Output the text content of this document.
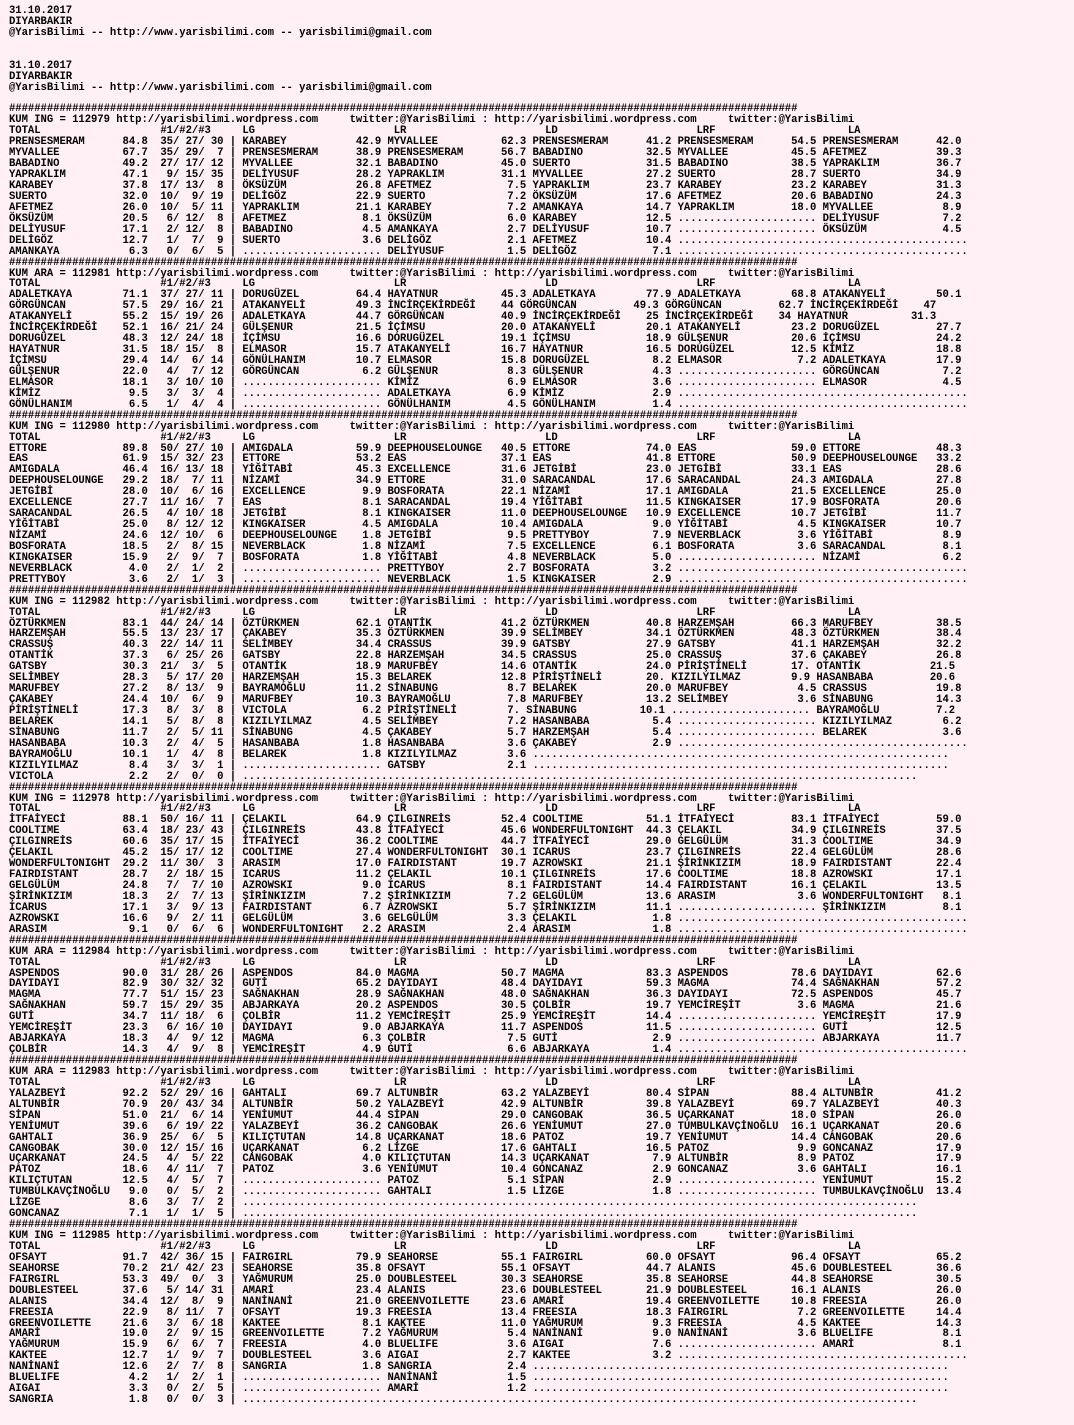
31.10.2017
DIYARBAKIR
@YarisBilimi -- http://www.yarisbilimi.com -- yarisbilimi@gmail.com
31.10.2017
DIYARBAKIR
@YarisBilimi -- http://www.yarisbilimi.com -- yarisbilimi@gmail.com
#############################################################################################################################
KUM ING = 112979 http://yarisbilimi.wordpress.com     twitter:@YarisBilimi : http://yarisbilimi.wordpress.com     twitter:@YarisBilimi
TOTAL                   #1/#2/#3     LG                      LR                      LD                      LRF                     LA
PRENSESMERAM      84.8  35/ 27/ 30 | KARABEY           42.9 MYVALLEE          62.3 PRENSESMERAM      41.2 PRENSESMERAM      54.5 PRENSESMERAM      42.0
MYVALLEE          67.7  35/ 29/  7 | PRENSESMERAM      38.9 PRENSESMERAM      56.7 BABADINO          32.5 MYVALLEE          45.5 AFETMEZ           39.3
BABADINO          49.2  27/ 17/ 12 | MYVALLEE          32.1 BABADINO          45.0 SUERTO            31.5 BABADINO          38.5 YAPRAKLIM         36.7
YAPRAKLIM         47.1   9/ 15/ 35 | DELİYUSUF         28.2 YAPRAKLIM         31.1 MYVALLEE          27.2 SUERTO            28.7 SUERTO            34.9
KARABEY           37.8  17/ 13/  8 | ÖKSÜZÜM           26.8 AFETMEZ            7.5 YAPRAKLIM         23.7 KARABEY           23.2 KARABEY           31.3
SUERTO            32.0  10/  9/ 19 | DELİGÖZ           22.9 SUERTO             7.2 ÖKSÜZÜM           17.6 AFETMEZ           20.6 BABADINO          24.3
AFETMEZ           26.0  10/  5/ 11 | YAPRAKLIM         21.1 KARABEY            7.2 AMANKAYA          14.7 YAPRAKLIM         18.0 MYVALLEE           8.9
ÖKSÜZÜM           20.5   6/ 12/  8 | AFETMEZ            8.1 ÖKSÜZÜM            6.0 KARABEY           12.5 ...................... DELİYUSUF          7.2
DELİYUSUF         17.1   2/ 12/  8 | BABADINO           4.5 AMANKAYA           2.7 DELİYUSUF         10.7 ...................... ÖKSÜZÜM            4.5
DELİGÖZ           12.7   1/  7/  9 | SUERTO             3.6 DELİGÖZ            2.1 AFETMEZ           10.4 ..............................................
AMANKAYA           6.3   0/  6/  5 | ...................... DELİYUSUF          1.5 DELİGÖZ            7.1 ..............................................
#############################################################################################################################
KUM ARA = 112981 http://yarisbilimi.wordpress.com     twitter:@YarisBilimi : http://yarisbilimi.wordpress.com     twitter:@YarisBilimi
TOTAL                   #1/#2/#3     LG                      LR                      LD                      LRF                     LA
ADALETKAYA        71.1  37/ 27/ 11 | DORUGÜZEL         64.4 HAYATNUR          45.3 ADALETKAYA        77.9 ADALETKAYA        68.8 ATAKANYELİ        50.1
GÖRGÜNCAN         57.5  29/ 16/ 21 | ATAKANYELİ        49.3 İNCİRÇEKİRDEĞİ    44 GÖRGÜNCAN         49.3 GÖRGÜNCAN         62.7 İNCİRÇEKİRDEĞİ    47
ATAKANYELİ        55.2  15/ 19/ 26 | ADALETKAYA        44.7 GÖRGÜNCAN         40.9 İNCİRÇEKİRDEĞİ    25 İNCİRÇEKİRDEĞİ    34 HAYATNUR          31.3
İNCİRÇEKİRDEĞİ    52.1  16/ 21/ 24 | GÜLŞENUR          21.5 İÇİMSU            20.0 ATAKANYELİ        20.1 ATAKANYELİ        23.2 DORUGÜZEL         27.7
DORUGÜZEL         48.3  12/ 24/ 18 | İÇİMSU            16.6 DORUGÜZEL         19.1 İÇİMSU            18.9 GÜLŞENUR          20.6 İÇİMSU            24.2
HAYATNUR          31.5  18/ 15/  8 | ELMASOR           15.7 ATAKANYELİ        16.7 HAYATNUR          16.5 DORUGÜZEL         12.5 KİMİZ             18.8
İÇİMSU            29.4  14/  6/ 14 | GÖNÜLHANIM        10.7 ELMASOR           15.8 DORUGÜZEL          8.2 ELMASOR            7.2 ADALETKAYA        17.9
GÜLŞENUR          22.0   4/  7/ 12 | GÖRGÜNCAN          6.2 GÜLŞENUR           8.3 GÜLŞENUR           4.3 ...................... GÖRGÜNCAN          7.2
ELMASOR           18.1   3/ 10/ 10 | ...................... KİMİZ              6.9 ELMASOR            3.6 ...................... ELMASOR            4.5
KİMİZ              9.5   3/  3/  4 | ...................... ADALETKAYA         6.9 KİMİZ              2.9 ..............................................
GÖNÜLHANIM         6.5   1/  4/  4 | ...................... GÖNÜLHANIM         4.5 GÖNÜLHANIM         1.4 ..............................................
#############################################################################################################################
KUM ING = 112980 http://yarisbilimi.wordpress.com     twitter:@YarisBilimi : http://yarisbilimi.wordpress.com     twitter:@YarisBilimi
TOTAL                   #1/#2/#3     LG                      LR                      LD                      LRF                     LA
ETTORE            89.8  50/ 27/ 10 | AMIGDALA          59.9 DEEPHOUSELOUNGE   40.5 ETTORE            74.0 EAS               59.0 ETTORE            48.3
EAS               61.9  15/ 32/ 23 | ETTORE            53.2 EAS               37.1 EAS               41.8 ETTORE            50.9 DEEPHOUSELOUNGE   33.2
AMIGDALA          46.4  16/ 13/ 18 | YİĞİTABİ          45.3 EXCELLENCE        31.6 JETGİBİ           23.0 JETGİBİ           33.1 EAS               28.6
DEEPHOUSELOUNGE   29.2  18/  7/ 11 | NİZAMİ            34.9 ETTORE            31.0 SARACANDAL        17.6 SARACANDAL        24.3 AMIGDALA          27.8
JETGİBİ           28.0  10/  6/ 16 | EXCELLENCE         9.9 BOSFORATA         22.1 NİZAMİ            17.1 AMIGDALA          21.5 EXCELLENCE        25.0
EXCELLENCE        27.7  11/ 16/  7 | EAS                8.1 SARACANDAL        19.4 YİĞİTABİ          11.5 KINGKAISER        17.9 BOSFORATA         20.6
SARACANDAL        26.5   4/ 10/ 18 | JETGİBİ            8.1 KINGKAISER        11.0 DEEPHOUSELOUNGE   10.9 EXCELLENCE        10.7 JETGİBİ           11.7
YİĞİTABİ          25.0   8/ 12/ 12 | KINGKAISER         4.5 AMIGDALA          10.4 AMIGDALA           9.0 YİĞİTABİ           4.5 KINGKAISER        10.7
NİZAMİ            24.6  12/ 10/  6 | DEEPHOUSELOUNGE    1.8 JETGİBİ            9.5 PRETTYBOY          7.9 NEVERBLACK         3.6 YİĞİTABİ           8.9
BOSFORATA         18.5   2/  8/ 15 | NEVERBLACK         1.8 NİZAMİ             7.5 EXCELLENCE         6.1 BOSFORATA          3.6 SARACANDAL         8.1
KINGKAISER        15.9   2/  9/  7 | BOSFORATA          1.8 YİĞİTABİ           4.8 NEVERBLACK         5.0 ...................... NİZAMİ             6.2
NEVERBLACK         4.0   2/  1/  2 | ...................... PRETTYBOY          2.7 BOSFORATA          3.2 ..............................................
PRETTYBOY          3.6   2/  1/  3 | ...................... NEVERBLACK         1.5 KINGKAISER         2.9 ..............................................
#############################################################################################################################
KUM ING = 112982 http://yarisbilimi.wordpress.com     twitter:@YarisBilimi : http://yarisbilimi.wordpress.com     twitter:@YarisBilimi
TOTAL                   #1/#2/#3     LG                      LR                      LD                      LRF                     LA
ÖZTÜRKMEN         83.1  44/ 24/ 14 | ÖZTÜRKMEN         62.1 OTANTİK           41.2 ÖZTÜRKMEN         40.8 HARZEMŞAH         66.3 MARUFBEY          38.5
HARZEMŞAH         55.5  13/ 23/ 17 | ÇAKABEY           35.3 ÖZTÜRKMEN         39.9 SELİMBEY          34.1 ÖZTÜRKMEN         48.3 ÖZTÜRKMEN         38.4
CRASSUŞ           40.3  22/ 14/ 11 | SELİMBEY          34.4 CRASSUS           39.9 GATSBY            27.9 GATSBY            41.1 HARZEMŞAH         32.2
OTANTİK           37.3   6/ 25/ 26 | GATSBY            22.8 HARZEMŞAH         34.5 CRASSUS           25.0 CRASSUŞ           37.6 ÇAKABEY           26.8
GATSBY            30.3  21/  3/  5 | OTANTİK           18.9 MARUFBEY          14.6 OTANTİK           24.0 PİRİŞTİNELİ       17. OTANTİK           21.5
SELİMBEY          28.3   5/ 17/ 20 | HARZEMŞAH         15.3 BELAREK           12.8 PİRİŞTİNELİ       20. KIZILYILMAZ        9.9 HASANBABA         20.6
MARUFBEY          27.2   8/ 13/  9 | BAYRAMOĞLU        11.2 SİNABUNG           8.7 BELAREK           20.0 MARUFBEY           4.5 CRASSUS           19.8
ÇAKABEY           24.4  10/  6/  9 | MARUFBEY          10.3 BAYRAMOĞLU         7.8 MARUFBEY          13.2 SELİMBEY           3.6 SİNABUNG          14.3
PİRİŞTİNELİ       17.3   8/  3/  8 | VICTOLA            6.2 PİRİŞTİNELİ        7. SİNABUNG          10.1 ...................... BAYRAMOĞLU         7.2
BELAREK           14.1   5/  8/  8 | KIZILYILMAZ        4.5 SELİMBEY           7.2 HASANBABA          5.4 ...................... KIZILYILMAZ        6.2
SİNABUNG          11.7   2/  5/ 11 | SİNABUNG           4.5 ÇAKABEY            5.7 HARZEMŞAH          5.4 ...................... BELAREK            3.6
HASANBABA         10.3   2/  4/  5 | HASANBABA          1.8 HASANBABA          3.6 ÇAKABEY            2.9 ..............................................
BAYRAMOĞLU        10.1   1/  4/  8 | BELAREK            1.8 KIZILYILMAZ        3.6 ..................................................................
KIZILYILMAZ        8.4   3/  3/  1 | ...................... GATSBY             2.1 ..................................................................
VICTOLA            2.2   2/  0/  0 | ...........................................................................................................
#############################################################################################################################
KUM ING = 112978 http://yarisbilimi.wordpress.com     twitter:@YarisBilimi : http://yarisbilimi.wordpress.com     twitter:@YarisBilimi
TOTAL                   #1/#2/#3     LG                      LR                      LD                      LRF                     LA
İTFAİYECİ         88.1  50/ 16/ 11 | ÇELAKIL           64.9 ÇILGINREİS        52.4 COOLTIME          51.1 İTFAİYECİ         83.1 İTFAİYECİ         59.0
COOLTIME          63.4  18/ 23/ 43 | ÇILGINREİS        43.8 İTFAİYECİ         45.6 WONDERFULTONIGHT  44.3 ÇELAKIL           34.9 ÇILGINREİS        37.5
ÇILGINREİS        60.6  35/ 17/ 15 | İTFAİYECİ         36.2 COOLTIME          44.7 İTFAİYECİ         29.0 GELGÜLÜM          31.3 COOLTIME          34.9
ÇELAKIL           45.2  15/ 17/ 12 | COOLTIME          27.4 WONDERFULTONIGHT  30.1 ICARUS            23.7 ÇILGINREİS        22.4 GELGÜLÜM          28.6
WONDERFULTONIGHT  29.2  11/ 30/  3 | ARASIM            17.0 FAIRDISTANT       19.7 AZROWSKI          21.1 ŞİRİNKIZIM        18.9 FAIRDISTANT       22.4
FAIRDISTANT       28.7   2/ 18/ 15 | ICARUS            11.2 ÇELAKIL           10.1 ÇILGINREİS        17.6 COOLTIME          18.8 AZROWSKI          17.1
GELGÜLÜM          24.8   7/  7/ 10 | AZROWSKI           9.0 ICARUS             8.1 FAIRDISTANT       14.4 FAIRDISTANT       16.1 ÇELAKIL           13.5
ŞİRİNKIZIM        18.3   2/  7/ 13 | ŞİRİNKIZIM         7.2 ŞİRİNKIZIM         7.2 GELGÜLÜM          13.6 ARASIM             3.6 WONDERFULTONIGHT   8.1
ICARUS            17.1   3/  9/ 13 | FAIRDISTANT        6.7 AZROWSKI           5.7 ŞİRİNKIZIM        11.1 ...................... ŞİRİNKIZIM         8.1
AZROWSKI          16.6   9/  2/ 11 | GELGÜLÜM           3.6 GELGÜLÜM           3.3 ÇELAKIL            1.8 ..............................................
ARASIM             9.1   0/  6/  6 | WONDERFULTONIGHT   2.2 ARASIM             2.4 ARASIM             1.8 ..............................................
#############################################################################################################################
KUM ARA = 112984 http://yarisbilimi.wordpress.com     twitter:@YarisBilimi : http://yarisbilimi.wordpress.com     twitter:@YarisBilimi
TOTAL                   #1/#2/#3     LG                      LR                      LD                      LRF                     LA
ASPENDOS          90.0  31/ 28/ 26 | ASPENDOS          84.0 MAGMA             50.7 MAGMA             83.3 ASPENDOS          78.6 DAYIDAYI          62.6
DAYIDAYI          82.9  30/ 32/ 32 | GUTİ              65.2 DAYIDAYI          48.4 DAYIDAYI          59.3 MAGMA             74.4 SAĞNAKHAN         57.2
MAGMA             77.7  51/ 15/ 23 | SAĞNAKHAN         28.9 SAĞNAKHAN         48.0 SAĞNAKHAN         36.3 DAYIDAYI          72.5 ASPENDOS          45.7
SAĞNAKHAN         59.7  15/ 29/ 35 | ABJARKAYA         20.2 ASPENDOS          30.5 ÇOLBİR            19.7 YEMCİREŞİT         3.6 MAGMA             21.6
GUTİ              34.7  11/ 18/  6 | ÇOLBİR            11.2 YEMCİREŞİT        25.9 YEMCİREŞİT        14.4 ...................... YEMCİREŞİT        17.9
YEMCİREŞİT        23.3   6/ 16/ 10 | DAYIDAYI           9.0 ABJARKAYA         11.7 ASPENDOS          11.5 ...................... GUTİ              12.5
ABJARKAYA         18.3   4/  9/ 12 | MAGMA              6.3 ÇOLBİR             7.5 GUTİ               2.9 ...................... ABJARKAYA         11.7
ÇOLBİR            14.3   4/  9/  8 | YEMCİREŞİT         4.9 GUTİ               6.6 ABJARKAYA          1.4 ..............................................
#############################################################################################################################
KUM ARA = 112983 http://yarisbilimi.wordpress.com     twitter:@YarisBilimi : http://yarisbilimi.wordpress.com     twitter:@YarisBilimi
TOTAL                   #1/#2/#3     LG                      LR                      LD                      LRF                     LA
YALAZBEYİ         92.2  52/ 29/ 16 | GAHTALI           69.7 ALTUNBİR          63.2 YALAZBEYİ         80.4 SİPAN             88.4 ALTUNBİR          41.2
ALTUNBİR          70.9  20/ 43/ 34 | ALTUNBİR          50.2 YALAZBEYİ         42.9 ALTUNBİR          39.8 YALAZBEYİ         69.7 YALAZBEYİ         40.3
SİPAN             51.0  21/  6/ 14 | YENİUMUT          44.4 SİPAN             29.0 CANGOBAK          36.5 UÇARKANAT         18.0 SİPAN             26.0
YENİUMUT          39.6   6/ 19/ 22 | YALAZBEYİ         36.2 CANGOBAK          26.6 YENİUMUT          27.0 TUMBULKAVÇİNOĞLU  16.1 UÇARKANAT         20.6
GAHTALI           36.9  25/  6/  5 | KILIÇTUTAN        14.8 UÇARKANAT         18.6 PATOZ             19.7 YENİUMUT          14.4 CANGOBAK          20.6
CANGOBAK          30.0  12/ 15/ 16 | UÇARKANAT          6.2 LİZGE             17.6 GAHTALI           16.5 PATOZ              9.9 GONCANAZ          17.9
UÇARKANAT         24.5   4/  5/ 22 | CANGOBAK           4.0 KILIÇTUTAN        14.3 UÇARKANAT          7.9 ALTUNBİR           8.9 PATOZ             17.9
PATOZ             18.6   4/ 11/  7 | PATOZ              3.6 YENİUMUT          10.4 GONCANAZ           2.9 GONCANAZ           3.6 GAHTALI           16.1
KILIÇTUTAN        12.5   4/  5/  7 | ...................... PATOZ              5.1 SİPAN              2.9 ...................... YENİUMUT          15.2
TUMBULKAVÇİNOĞLU   9.0   0/  5/  2 | ...................... GAHTALI            1.5 LİZGE              1.8 ...................... TUMBULKAVÇİNOĞLU  13.4
LİZGE              8.6   3/  7/  2 | ...........................................................................................................
GONCANAZ           7.1   1/  1/  5 | ...........................................................................................................
#############################################################################################################################
KUM ING = 112985 http://yarisbilimi.wordpress.com     twitter:@YarisBilimi : http://yarisbilimi.wordpress.com     twitter:@YarisBilimi
TOTAL                   #1/#2/#3     LG                      LR                      LD                      LRF                     LA
OFSAYT            91.7  42/ 36/ 15 | FAIRGIRL          79.9 SEAHORSE          55.1 FAIRGIRL          60.0 OFSAYT            96.4 OFSAYT            65.2
SEAHORSE          70.2  21/ 42/ 23 | SEAHORSE          35.8 OFSAYT            55.1 OFSAYT            44.7 ALANIS            45.6 DOUBLESTEEL       36.6
FAIRGIRL          53.3  49/  0/  3 | YAĞMURUM          25.0 DOUBLESTEEL       30.3 SEAHORSE          35.8 SEAHORSE          44.8 SEAHORSE          30.5
DOUBLESTEEL       37.6   5/ 14/ 31 | AMARİ             23.4 ALANIS            23.6 DOUBLESTEEL       21.9 DOUBLESTEEL       16.1 ALANIS            26.0
ALANIS            34.4  12/  8/  9 | NANİNANİ          21.0 GREENVOILETTE     23.6 AMARİ             19.4 GREENVOILETTE     10.8 FREESIA           26.0
FREESIA           22.9   8/ 11/  7 | OFSAYT            19.3 FREESIA           13.4 FREESIA           18.3 FAIRGIRL           7.2 GREENVOILETTE     14.4
GREENVOILETTE     21.6   3/  6/ 18 | KAKTEE             8.1 KAKTEE            11.0 YAĞMURUM           9.3 FREESIA            4.5 KAKTEE            14.3
AMARİ             19.0   2/  9/ 15 | GREENVOILETTE      7.2 YAĞMURUM           5.4 NANİNANİ           9.0 NANİNANİ           3.6 BLUELIFE           8.1
YAĞMURUM          15.9   6/  6/  7 | FREESIA            4.0 BLUELIFE           3.6 AIGAI              7.6 ...................... AMARİ              8.1
KAKTEE            12.7   1/  9/  7 | DOUBLESTEEL        3.6 AIGAI              2.7 KAKTEE             3.2 ..............................................
NANİNANİ          12.6   2/  7/  8 | SANGRIA            1.8 SANGRIA            2.4 ..................................................................
BLUELIFE           4.2   1/  2/  1 | ...................... NANİNANİ           1.5 ..................................................................
AIGAI              3.3   0/  2/  5 | ...................... AMARİ              1.2 ..................................................................
SANGRIA            1.8   0/  0/  3 | ...........................................................................................................
